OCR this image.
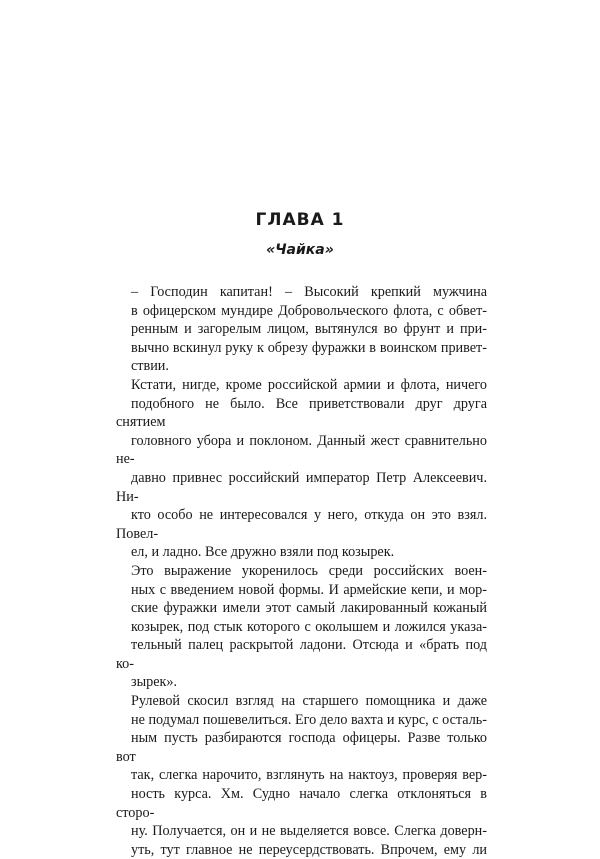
ГЛАВА 1
«Чайка»

– Господин капитан! – Высокий крепкий мужчина
в офицерском мундире Добровольческого флота, с обвет-
ренным и загорелым лицом, вытянулся во фрунт и при-
вычно вскинул руку к обрезу фуражки в воинском привет-
ствии.

Кстати, нигде, кроме российской армии и флота, ничего
подобного не было. Все приветствовали друг друга снятием
головного убора и поклоном. Данный жест сравнительно не-
давно привнес российский император Петр Алексеевич. Ни-
кто особо не интересовался у него, откуда он это взял. Повел-
ел, и ладно. Все дружно взяли под козырек.

Это выражение укоренилось среди российских воен-
ных с введением новой формы. И армейские кепи, и мор-
ские фуражки имели этот самый лакированный кожаный
козырек, под стык которого с околышем и ложился указа-
тельный палец раскрытой ладони. Отсюда и «брать под ко-
зырек».

Рулевой скосил взгляд на старшего помощника и даже
не подумал пошевелиться. Его дело вахта и курс, с осталь-
ным пусть разбираются господа офицеры. Разве только вот
так, слегка нарочито, взглянуть на нактоуз, проверяя вер-
ность курса. Хм. Судно начало слегка отклоняться в сторо-
ну. Получается, он и не выделяется вовсе. Слегка доверн-
уть, тут главное не переусердствовать. Впрочем, ему ли
